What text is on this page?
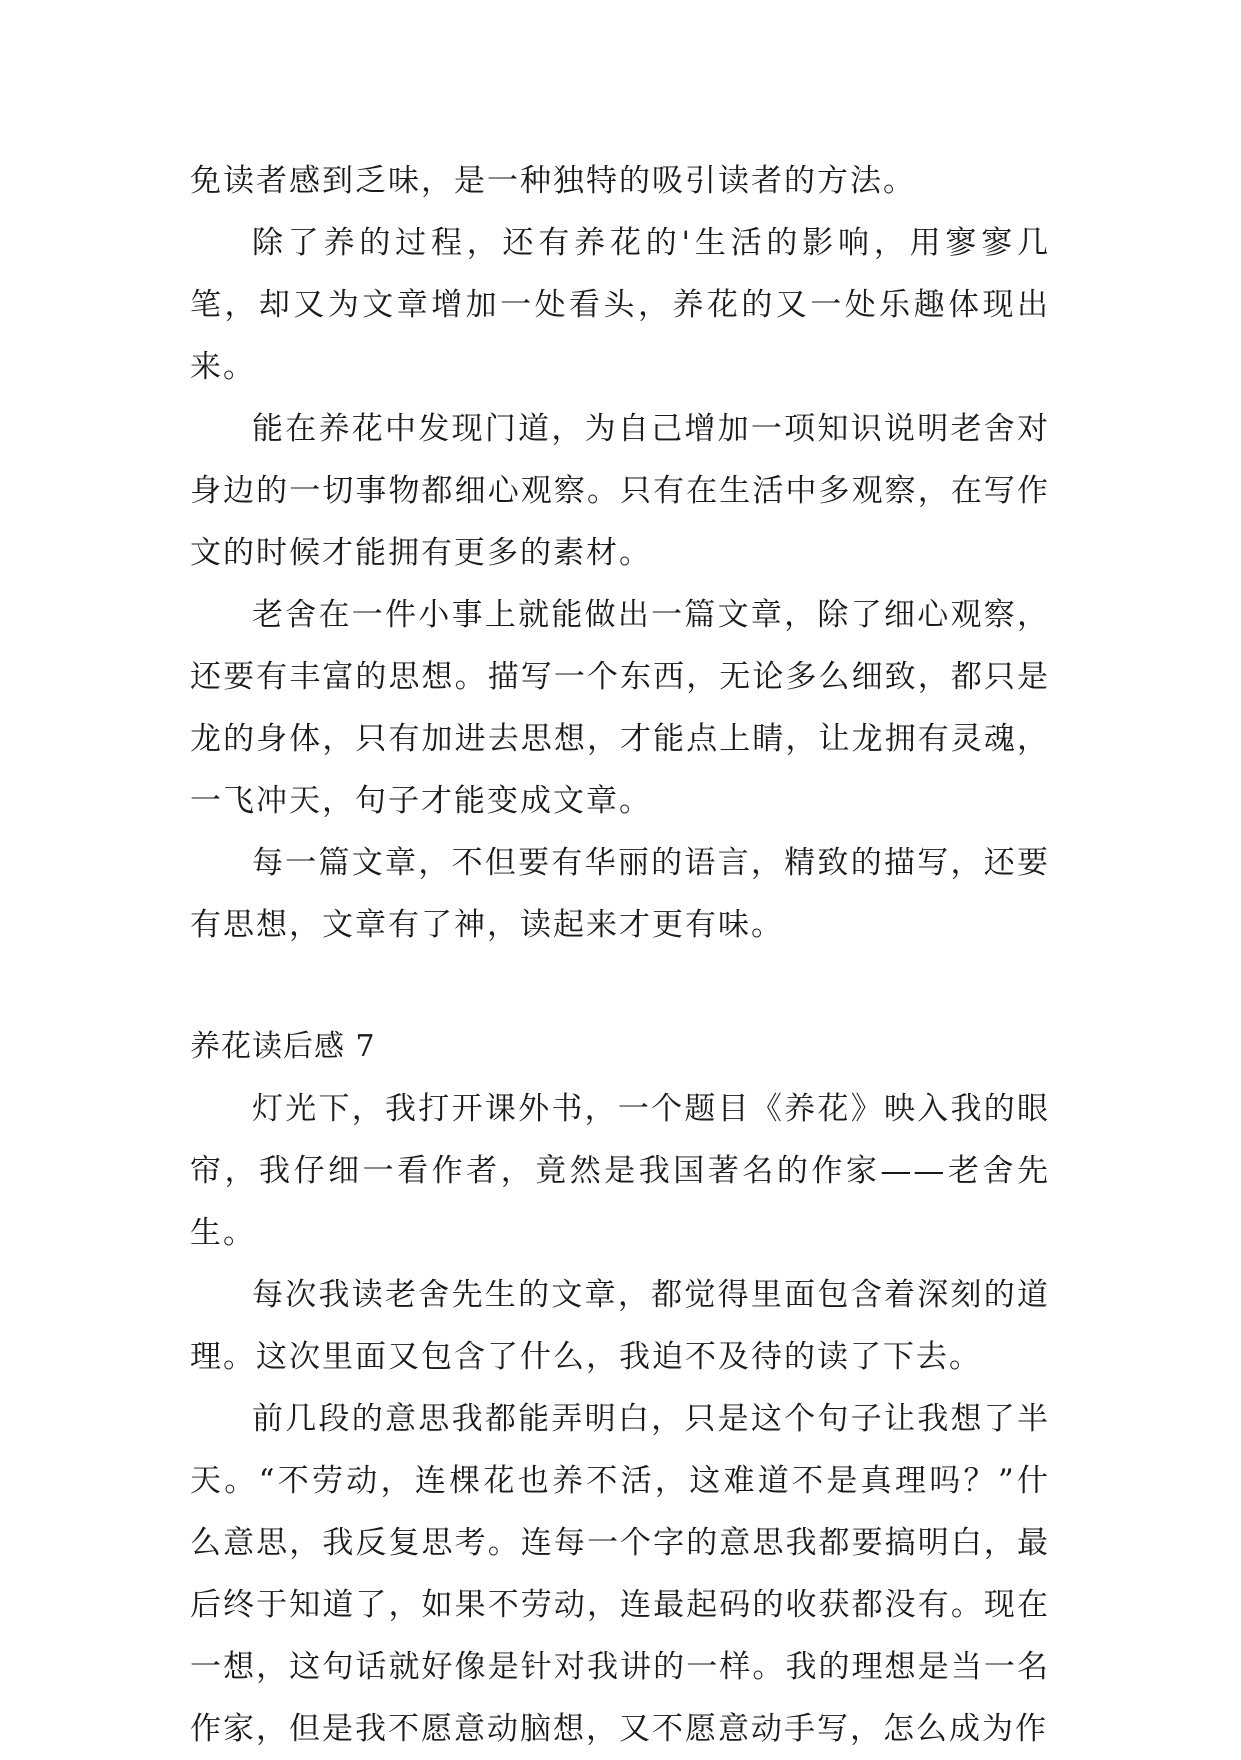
免读者感到乏味，是一种独特的吸引读者的方法。

除了养的过程，还有养花的'生活的影响，用寥寥几笔，却又为文章增加一处看头，养花的又一处乐趣体现出来。

能在养花中发现门道，为自己增加一项知识说明老舍对身边的一切事物都细心观察。只有在生活中多观察，在写作文的时候才能拥有更多的素材。

老舍在一件小事上就能做出一篇文章，除了细心观察，还要有丰富的思想。描写一个东西，无论多么细致，都只是龙的身体，只有加进去思想，才能点上睛，让龙拥有灵魂，一飞冲天，句子才能变成文章。

每一篇文章，不但要有华丽的语言，精致的描写，还要有思想，文章有了神，读起来才更有味。

养花读后感 7

灯光下，我打开课外书，一个题目《养花》映入我的眼帘，我仔细一看作者，竟然是我国著名的作家——老舍先生。

每次我读老舍先生的文章，都觉得里面包含着深刻的道理。这次里面又包含了什么，我迫不及待的读了下去。

前几段的意思我都能弄明白，只是这个句子让我想了半天。“不劳动，连棵花也养不活，这难道不是真理吗？”什么意思，我反复思考。连每一个字的意思我都要搞明白，最后终于知道了，如果不劳动，连最起码的收获都没有。现在一想，这句话就好像是针对我讲的一样。我的理想是当一名作家，但是我不愿意动脑想，又不愿意动手写，怎么成为作
